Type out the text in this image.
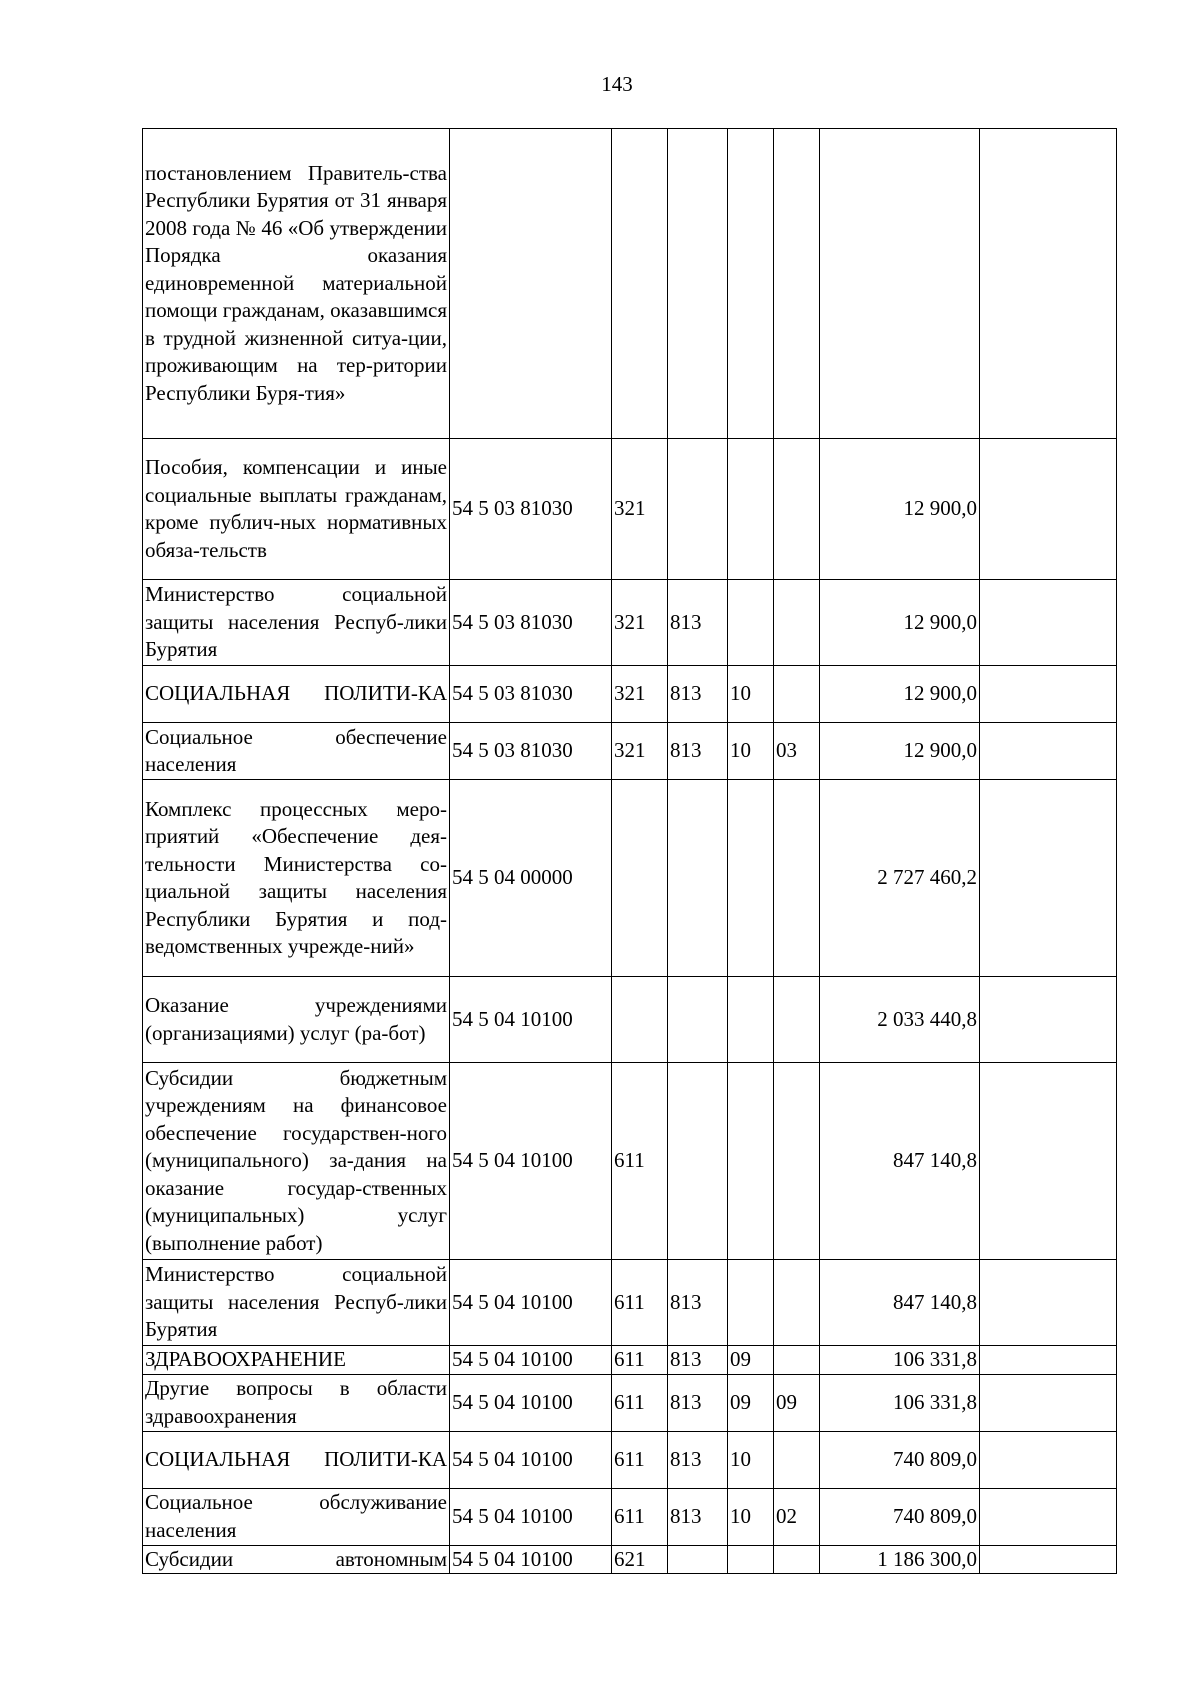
143
постановлением Правитель-ства Республики Бурятия от 31 января 2008 года № 46 «Об утверждении Порядка оказания единовременной материальной помощи гражданам, оказавшимся в трудной жизненной ситуа-ции, проживающим на тер-ритории Республики Буря-тия»							
Пособия, компенсации и иные социальные выплаты гражданам, кроме публич-ных нормативных обяза-тельств	54 5 03 81030	321				12 900,0	
Министерство социальной защиты населения Респуб-лики Бурятия	54 5 03 81030	321	813			12 900,0	
СОЦИАЛЬНАЯ ПОЛИТИ-КА	54 5 03 81030	321	813	10		12 900,0	
Социальное обеспечение населения	54 5 03 81030	321	813	10	03	12 900,0	
Комплекс процессных меро-приятий «Обеспечение дея-тельности Министерства со-циальной защиты населения Республики Бурятия и под-ведомственных учрежде-ний»	54 5 04 00000					2 727 460,2	
Оказание учреждениями (организациями) услуг (ра-бот)	54 5 04 10100					2 033 440,8	
Субсидии бюджетным учреждениям на финансовое обеспечение государствен-ного (муниципального) за-дания на оказание государ-ственных (муниципальных) услуг (выполнение работ)	54 5 04 10100	611				847 140,8	
Министерство социальной защиты населения Респуб-лики Бурятия	54 5 04 10100	611	813			847 140,8	
ЗДРАВООХРАНЕНИЕ	54 5 04 10100	611	813	09		106 331,8	
Другие вопросы в области здравоохранения	54 5 04 10100	611	813	09	09	106 331,8	
СОЦИАЛЬНАЯ ПОЛИТИ-КА	54 5 04 10100	611	813	10		740 809,0	
Социальное обслуживание населения	54 5 04 10100	611	813	10	02	740 809,0	
Субсидии автономным	54 5 04 10100	621				1 186 300,0	
